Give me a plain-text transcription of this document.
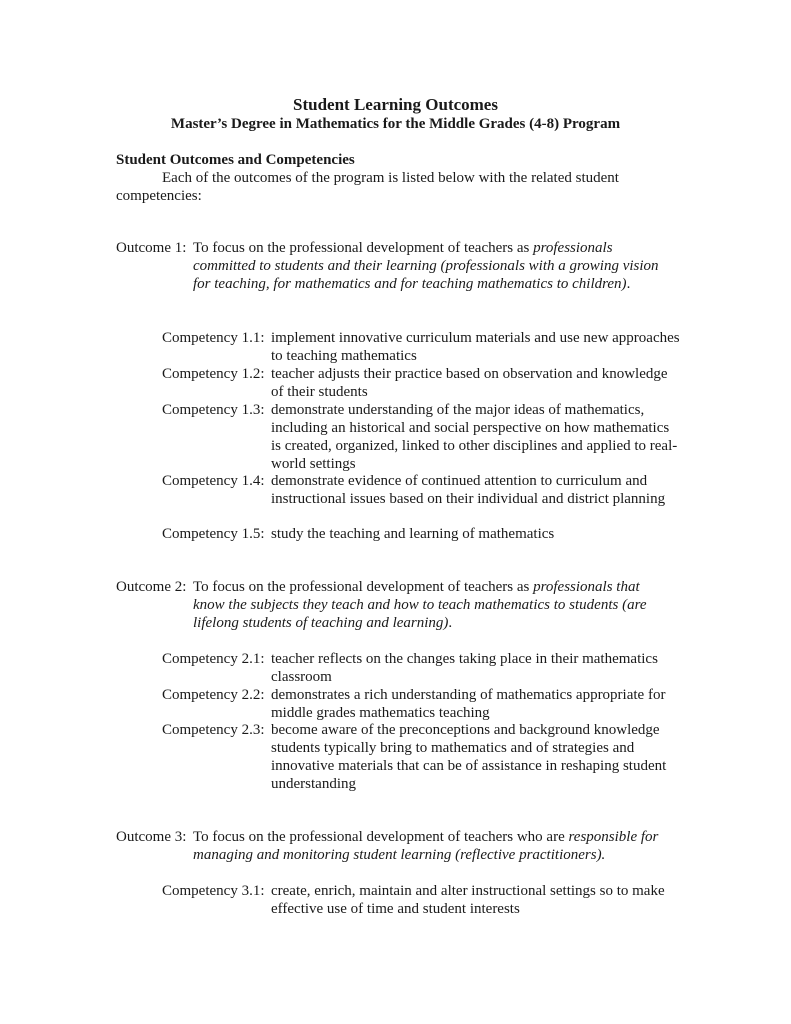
Student Learning Outcomes
Master’s Degree in Mathematics for the Middle Grades (4-8) Program
Student Outcomes and Competencies
Each of the outcomes of the program is listed below with the related student competencies:
Outcome 1: To focus on the professional development of teachers as professionals committed to students and their learning (professionals with a growing vision for teaching, for mathematics and for teaching mathematics to children).
Competency 1.1: implement innovative curriculum materials and use new approaches to teaching mathematics
Competency 1.2: teacher adjusts their practice based on observation and knowledge of their students
Competency 1.3: demonstrate understanding of the major ideas of mathematics, including an historical and social perspective on how mathematics is created, organized, linked to other disciplines and applied to real-world settings
Competency 1.4: demonstrate evidence of continued attention to curriculum and instructional issues based on their individual and district planning
Competency 1.5: study the teaching and learning of mathematics
Outcome 2: To focus on the professional development of teachers as professionals that know the subjects they teach and how to teach mathematics to students (are lifelong students of teaching and learning).
Competency 2.1: teacher reflects on the changes taking place in their mathematics classroom
Competency 2.2: demonstrates a rich understanding of mathematics appropriate for middle grades mathematics teaching
Competency 2.3: become aware of the preconceptions and background knowledge students typically bring to mathematics and of strategies and innovative materials that can be of assistance in reshaping student understanding
Outcome 3: To focus on the professional development of teachers who are responsible for managing and monitoring student learning (reflective practitioners).
Competency 3.1: create, enrich, maintain and alter instructional settings so to make effective use of time and student interests
